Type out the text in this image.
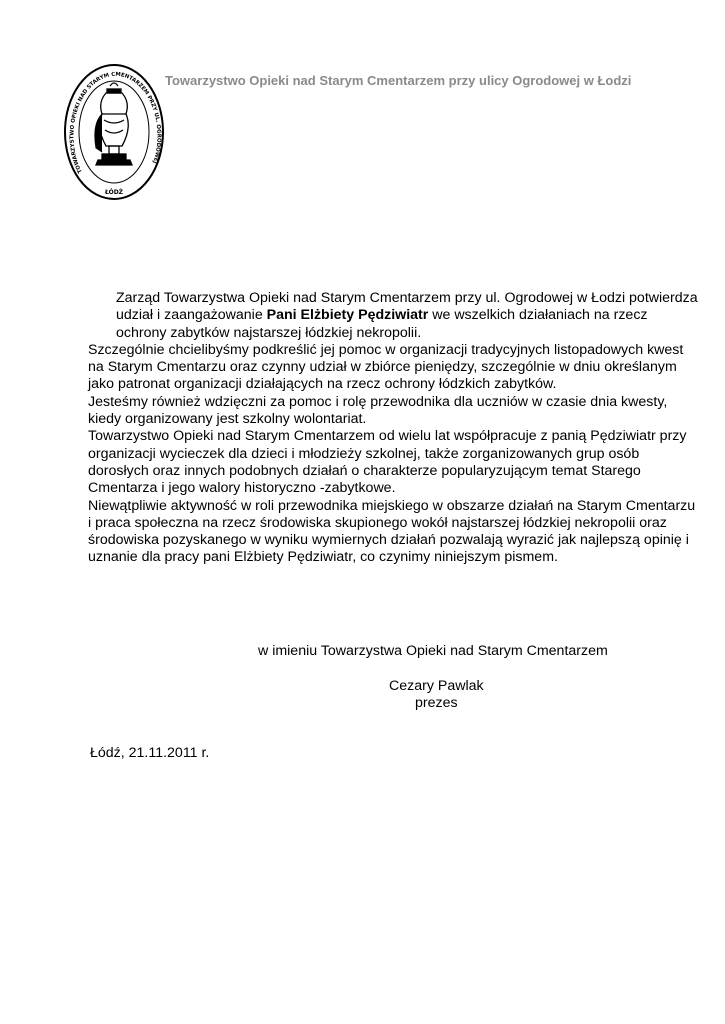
TOWARZYSTWO OPIEKI NAD STARYM CMENTARZEM PRZY UL. OGRODOWEJ
ŁÓDŹ
Towarzystwo Opieki nad Starym Cmentarzem przy ulicy Ogrodowej w Łodzi

Zarząd Towarzystwa Opieki nad Starym Cmentarzem przy ul. Ogrodowej w Łodzi potwierdza udział i zaangażowanie Pani Elżbiety Pędziwiatr we wszelkich działaniach na rzecz ochrony zabytków najstarszej łódzkiej nekropolii.

Szczególnie chcielibyśmy podkreślić jej pomoc w organizacji tradycyjnych listopadowych kwest na Starym Cmentarzu oraz czynny udział w zbiórce pieniędzy, szczególnie w dniu określanym jako patronat organizacji działających na rzecz ochrony łódzkich zabytków.

Jesteśmy również wdzięczni za pomoc i rolę przewodnika dla uczniów w czasie dnia kwesty, kiedy organizowany jest szkolny wolontariat.

Towarzystwo Opieki nad Starym Cmentarzem od wielu lat współpracuje z panią Pędziwiatr przy organizacji wycieczek dla dzieci i młodzieży szkolnej, także zorganizowanych grup osób dorosłych oraz innych podobnych działań o charakterze popularyzującym temat Starego Cmentarza i jego walory historyczno -zabytkowe.

Niewątpliwie aktywność w roli przewodnika miejskiego w obszarze działań na Starym Cmentarzu i praca społeczna na rzecz środowiska skupionego wokół najstarszej łódzkiej nekropolii oraz środowiska pozyskanego w wyniku wymiernych działań pozwalają wyrazić jak najlepszą opinię i uznanie dla pracy pani Elżbiety Pędziwiatr, co czynimy niniejszym pismem.

w imieniu Towarzystwa Opieki nad Starym Cmentarzem
Cezary Pawlak
prezes
Łódź, 21.11.2011 r.
